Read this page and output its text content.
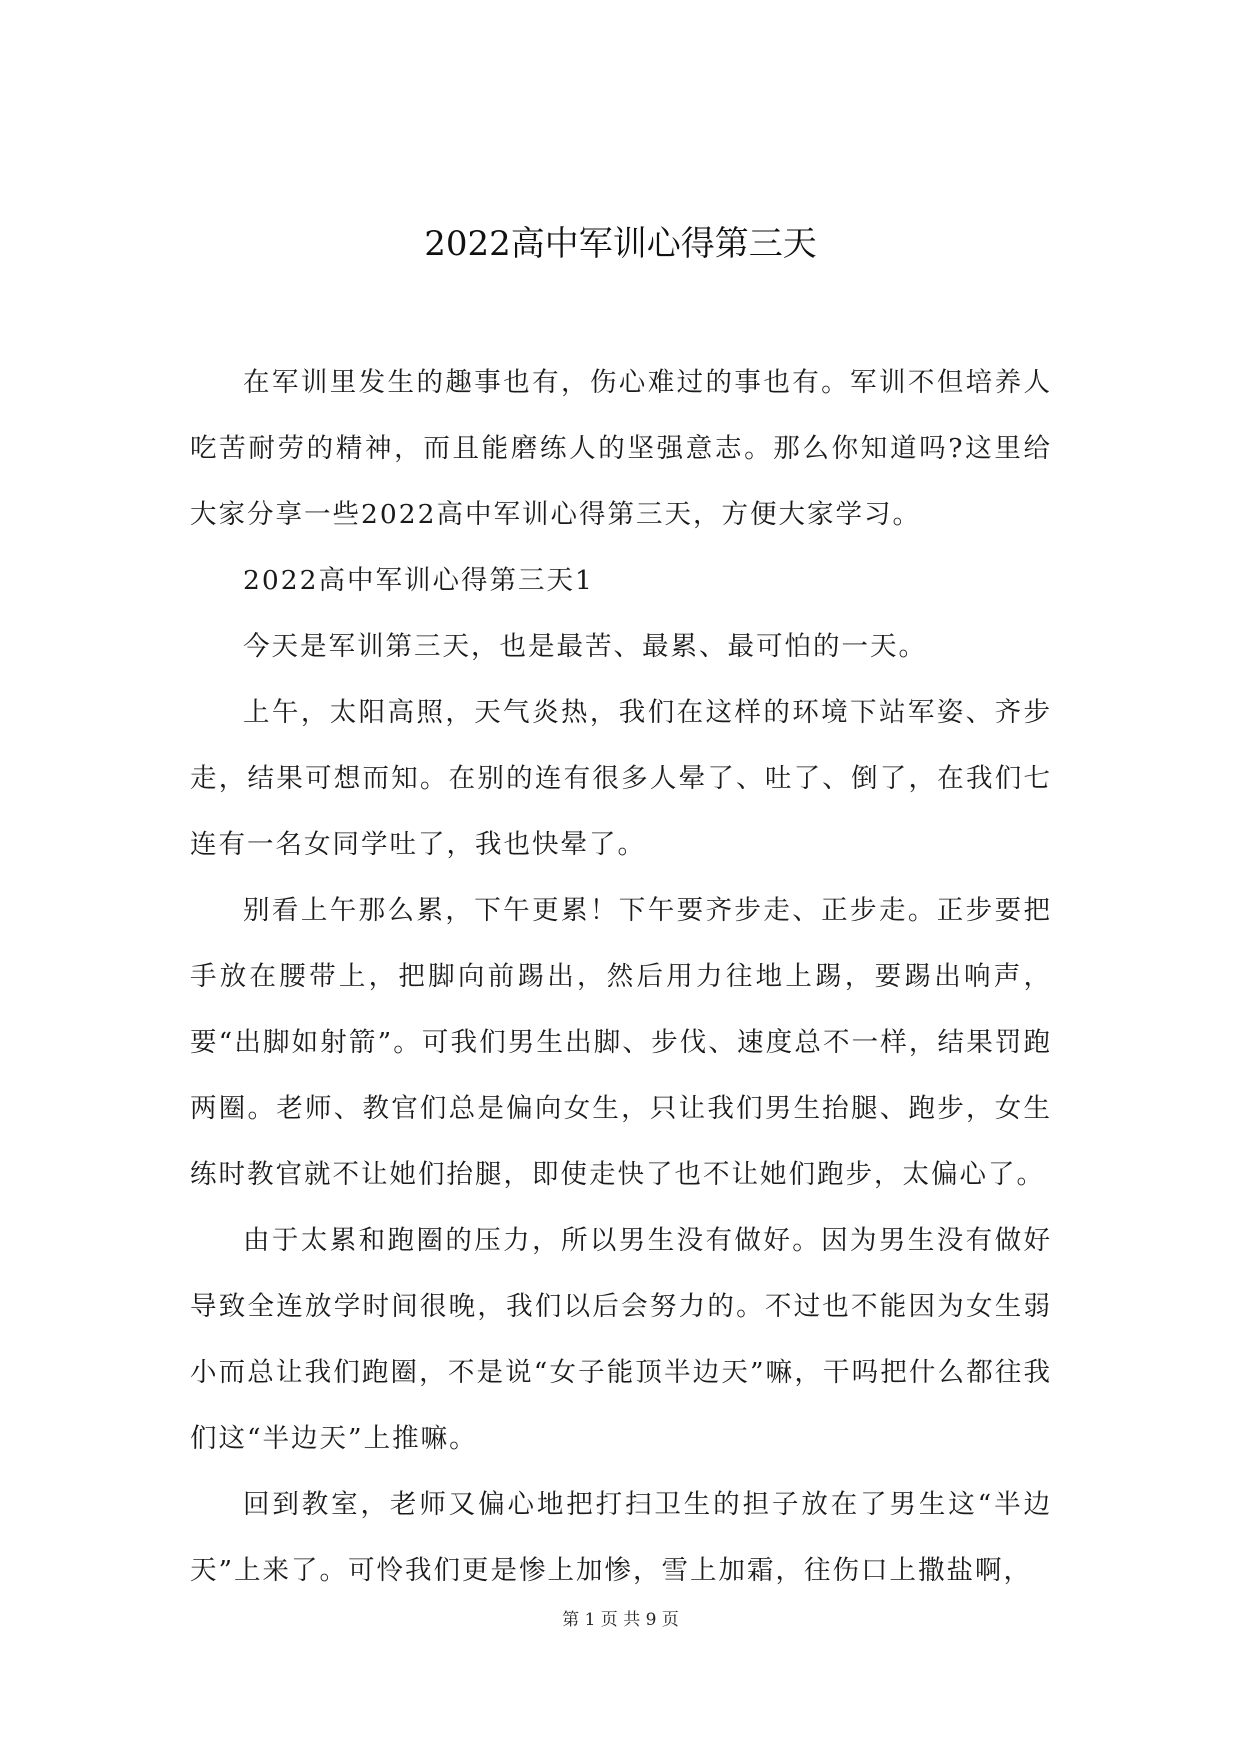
2022高中军训心得第三天

在军训里发生的趣事也有，伤心难过的事也有。军训不但培养人吃苦耐劳的精神，而且能磨练人的坚强意志。那么你知道吗?这里给大家分享一些2022高中军训心得第三天，方便大家学习。

2022高中军训心得第三天1

今天是军训第三天，也是最苦、最累、最可怕的一天。

上午，太阳高照，天气炎热，我们在这样的环境下站军姿、齐步走，结果可想而知。在别的连有很多人晕了、吐了、倒了，在我们七连有一名女同学吐了，我也快晕了。

别看上午那么累，下午更累！下午要齐步走、正步走。正步要把手放在腰带上，把脚向前踢出，然后用力往地上踢，要踢出响声，要“出脚如射箭”。可我们男生出脚、步伐、速度总不一样，结果罚跑两圈。老师、教官们总是偏向女生，只让我们男生抬腿、跑步，女生练时教官就不让她们抬腿，即使走快了也不让她们跑步，太偏心了。

由于太累和跑圈的压力，所以男生没有做好。因为男生没有做好导致全连放学时间很晚，我们以后会努力的。不过也不能因为女生弱小而总让我们跑圈，不是说“女子能顶半边天”嘛，干吗把什么都往我们这“半边天”上推嘛。

回到教室，老师又偏心地把打扫卫生的担子放在了男生这“半边天”上来了。可怜我们更是惨上加惨，雪上加霜，往伤口上撒盐啊，

第 1 页 共 9 页
